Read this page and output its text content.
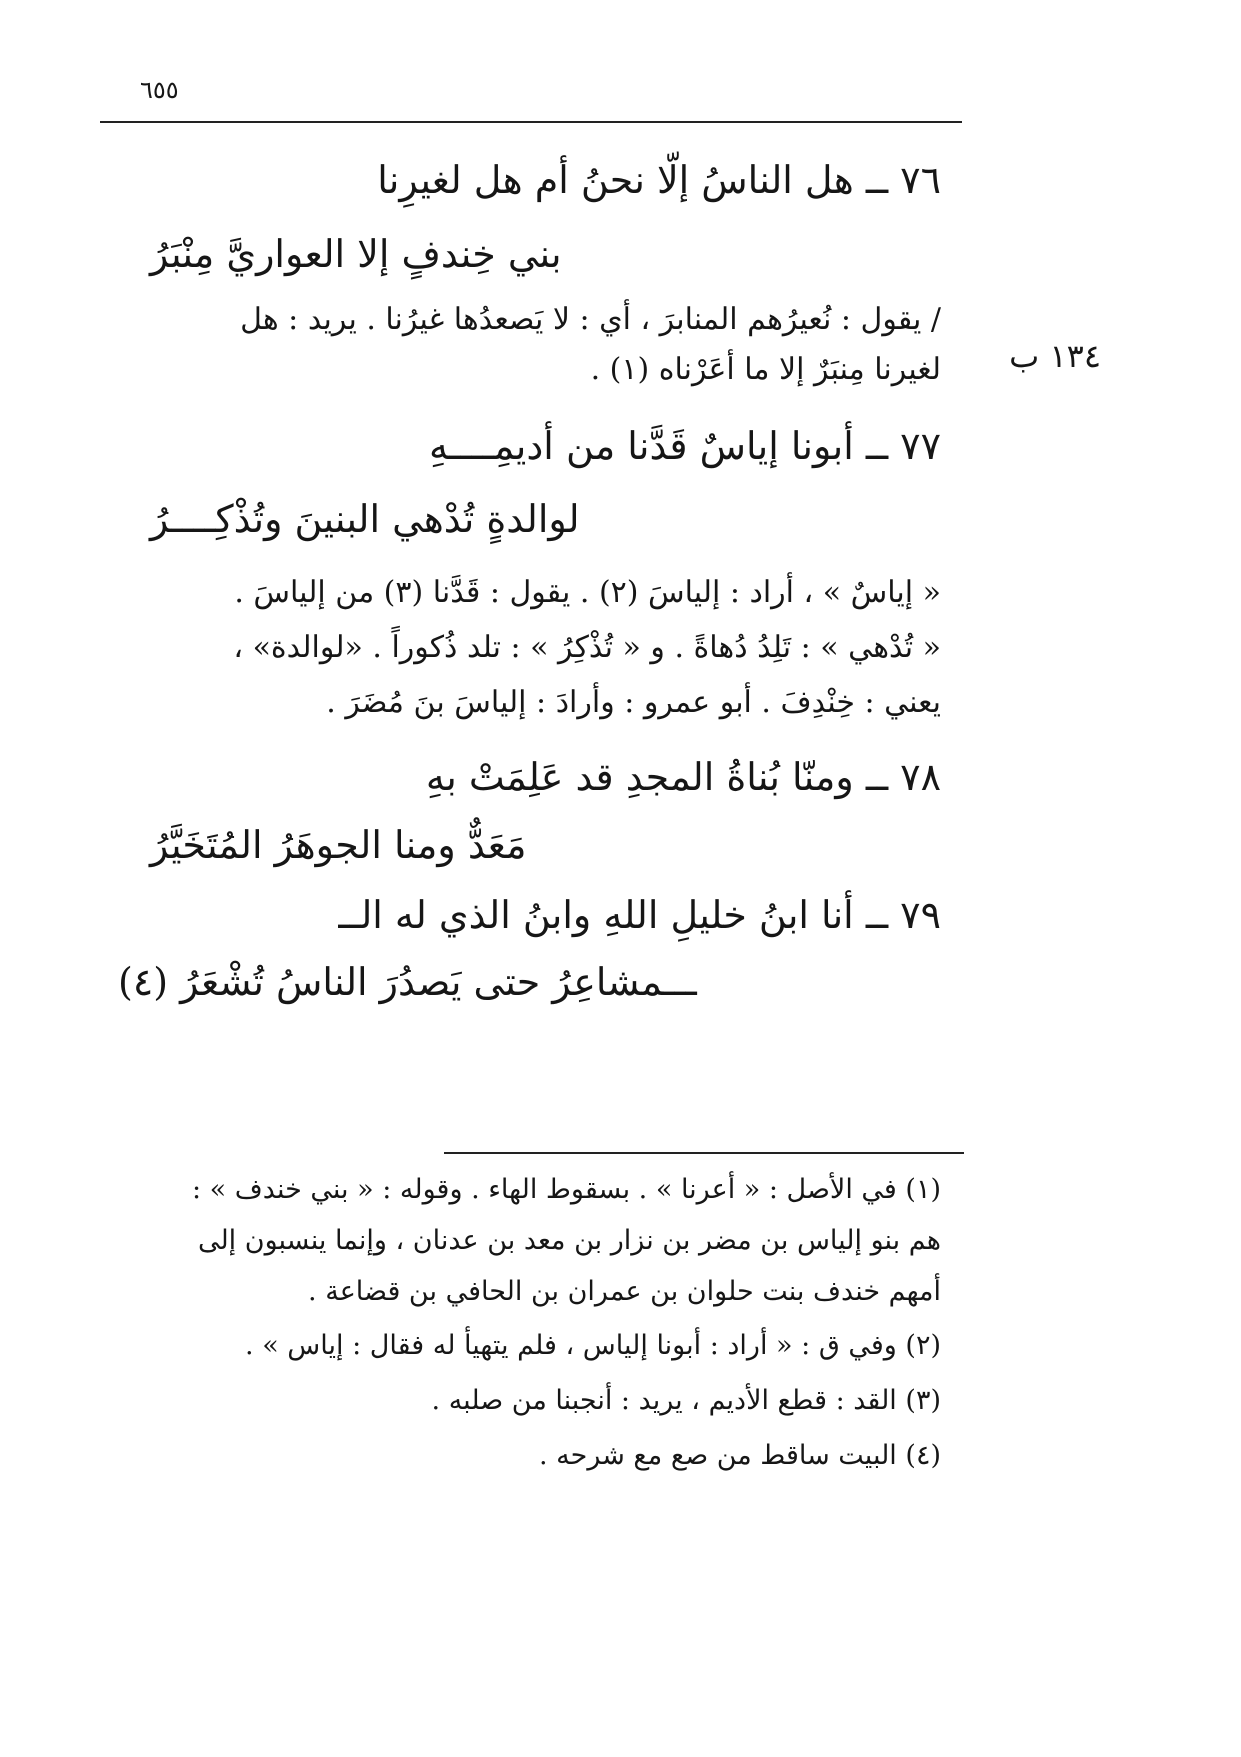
٦٥٥
٧٦ ــ هل الناسُ إلّا نحنُ أم هل لغيرِنا
بني خِندفٍ إلا العواريَّ مِنْبَرُ
١٣٤ ب
/ يقول : نُعيرُهم المنابرَ ، أي : لا يَصعدُها غيرُنا . يريد : هل
لغيرنا مِنبَرٌ إلا ما أعَرْناه (١) .
٧٧ ــ أبونا إياسٌ قَدَّنا من أديمِــــهِ
لوالدةٍ تُدْهي البنينَ وتُذْكِــــرُ
« إياسٌ » ، أراد : إلياسَ (٢) . يقول : قَدَّنا (٣) من إلياسَ .
« تُدْهي » : تَلِدُ دُهاةً . و « تُذْكِرُ » : تلد ذُكوراً . «لوالدة» ،
يعني : خِنْدِفَ . أبو عمرو : وأرادَ : إلياسَ بنَ مُضَرَ .
٧٨ ــ ومنّا بُناةُ المجدِ قد عَلِمَتْ بهِ
مَعَدٌّ ومنا الجوهَرُ المُتَخَيَّرُ
٧٩ ــ أنا ابنُ خليلِ اللهِ وابنُ الذي له الــ
ـــمشاعِرُ حتى يَصدُرَ الناسُ تُشْعَرُ (٤)
(١) في الأصل : « أعرنا » . بسقوط الهاء . وقوله : « بني خندف » :
هم بنو إلياس بن مضر بن نزار بن معد بن عدنان ، وإنما ينسبون إلى
أمهم خندف بنت حلوان بن عمران بن الحافي بن قضاعة .
(٢) وفي ق : « أراد : أبونا إلياس ، فلم يتهيأ له فقال : إياس » .
(٣) القد : قطع الأديم ، يريد : أنجبنا من صلبه .
(٤) البيت ساقط من صع مع شرحه .
